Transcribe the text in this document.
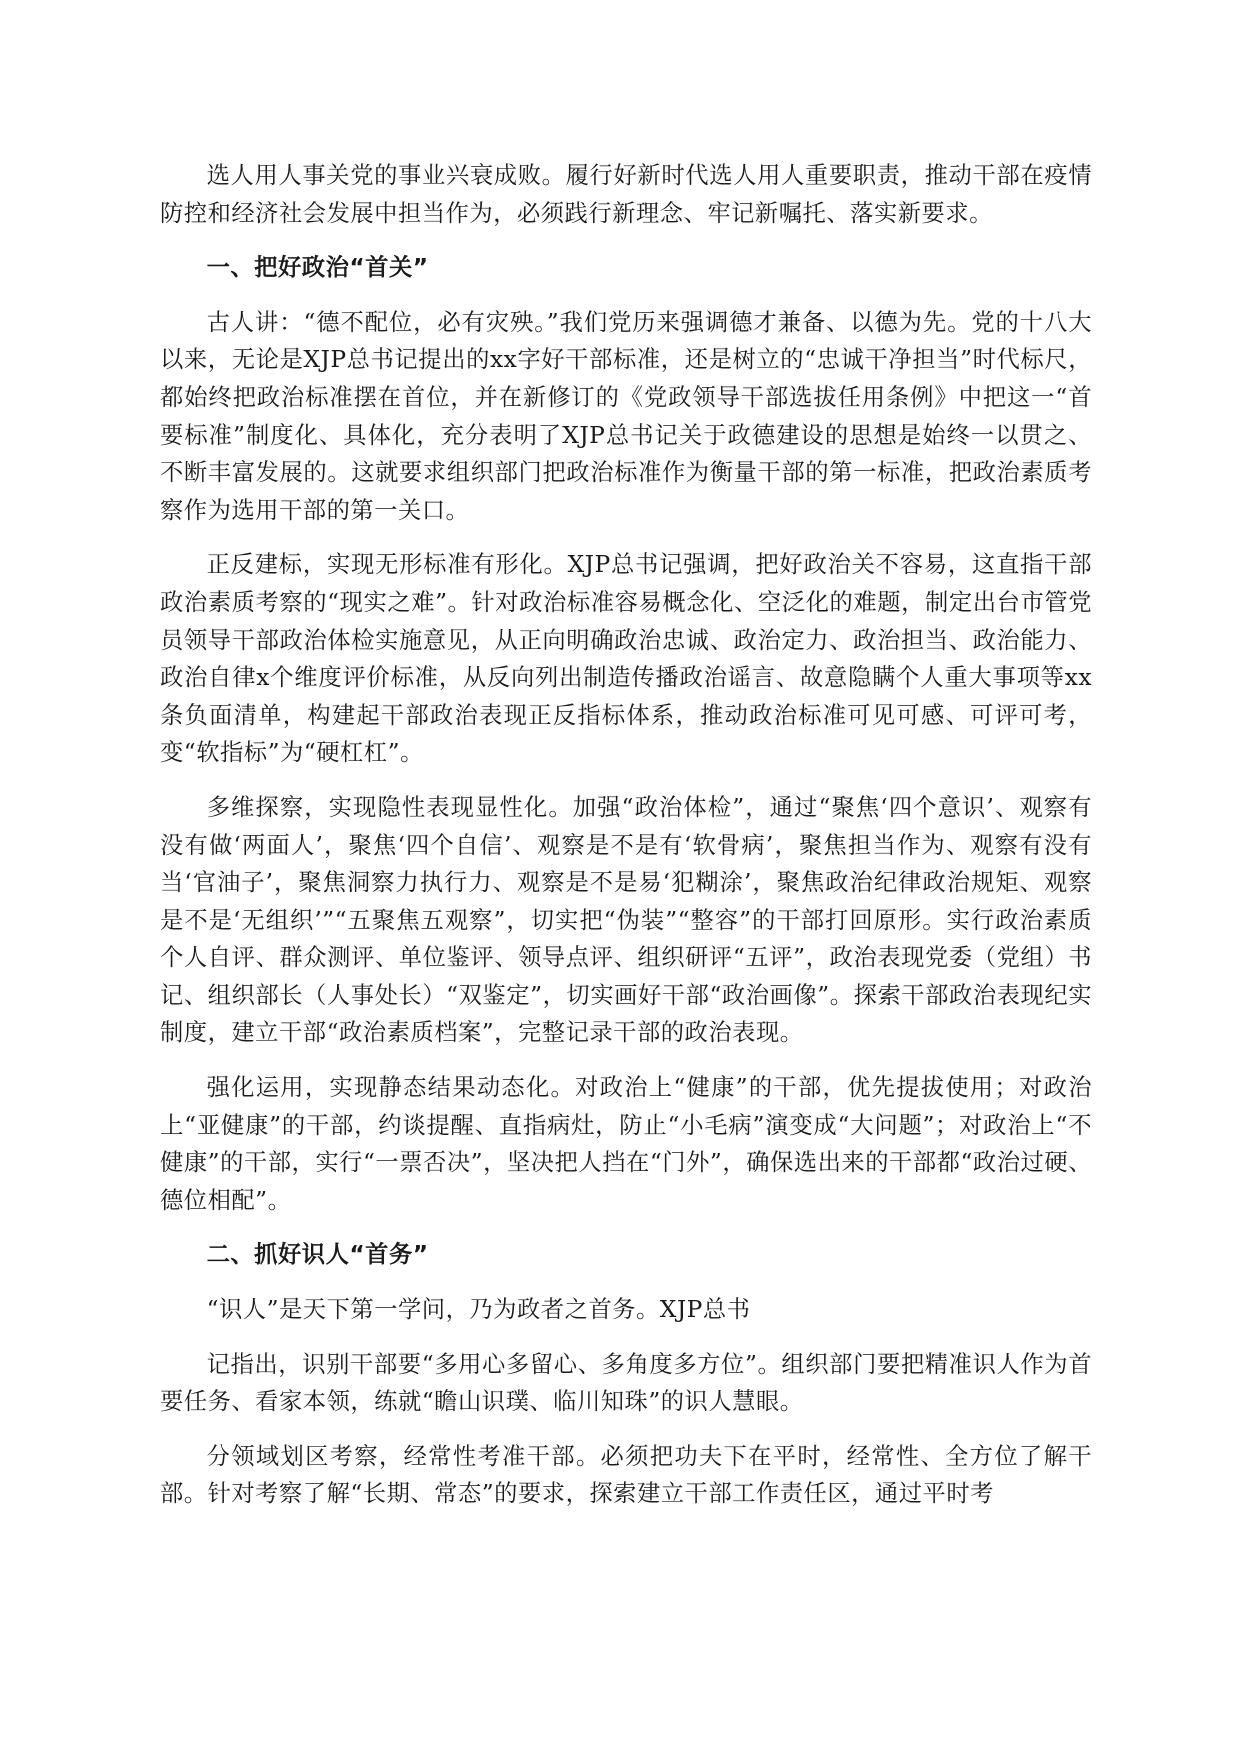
选人用人事关党的事业兴衰成败。履行好新时代选人用人重要职责，推动干部在疫情防控和经济社会发展中担当作为，必须践行新理念、牢记新嘱托、落实新要求。

一、把好政治“首关”

古人讲：“德不配位，必有灾殃。”我们党历来强调德才兼备、以德为先。党的十八大以来，无论是XJP总书记提出的xx字好干部标准，还是树立的“忠诚干净担当”时代标尺，都始终把政治标准摆在首位，并在新修订的《党政领导干部选拔任用条例》中把这一“首要标准”制度化、具体化，充分表明了XJP总书记关于政德建设的思想是始终一以贯之、不断丰富发展的。这就要求组织部门把政治标准作为衡量干部的第一标准，把政治素质考察作为选用干部的第一关口。

正反建标，实现无形标准有形化。XJP总书记强调，把好政治关不容易，这直指干部政治素质考察的“现实之难”。针对政治标准容易概念化、空泛化的难题，制定出台市管党员领导干部政治体检实施意见，从正向明确政治忠诚、政治定力、政治担当、政治能力、政治自律x个维度评价标准，从反向列出制造传播政治谣言、故意隐瞒个人重大事项等xx条负面清单，构建起干部政治表现正反指标体系，推动政治标准可见可感、可评可考，变“软指标”为“硬杠杠”。

多维探察，实现隐性表现显性化。加强“政治体检”，通过“聚焦‘四个意识’、观察有没有做‘两面人’，聚焦‘四个自信’、观察是不是有‘软骨病’，聚焦担当作为、观察有没有当‘官油子’，聚焦洞察力执行力、观察是不是易‘犯糊涂’，聚焦政治纪律政治规矩、观察是不是‘无组织’”“五聚焦五观察”，切实把“伪装”“整容”的干部打回原形。实行政治素质个人自评、群众测评、单位鉴评、领导点评、组织研评“五评”，政治表现党委（党组）书记、组织部长（人事处长）“双鉴定”，切实画好干部“政治画像”。探索干部政治表现纪实制度，建立干部“政治素质档案”，完整记录干部的政治表现。

强化运用，实现静态结果动态化。对政治上“健康”的干部，优先提拔使用；对政治上“亚健康”的干部，约谈提醒、直指病灶，防止“小毛病”演变成“大问题”；对政治上“不健康”的干部，实行“一票否决”，坚决把人挡在“门外”，确保选出来的干部都“政治过硬、德位相配”。

二、抓好识人“首务”

“识人”是天下第一学问，乃为政者之首务。XJP总书

记指出，识别干部要“多用心多留心、多角度多方位”。组织部门要把精准识人作为首要任务、看家本领，练就“瞻山识璞、临川知珠”的识人慧眼。

分领域划区考察，经常性考准干部。必须把功夫下在平时，经常性、全方位了解干部。针对考察了解“长期、常态”的要求，探索建立干部工作责任区，通过平时考
